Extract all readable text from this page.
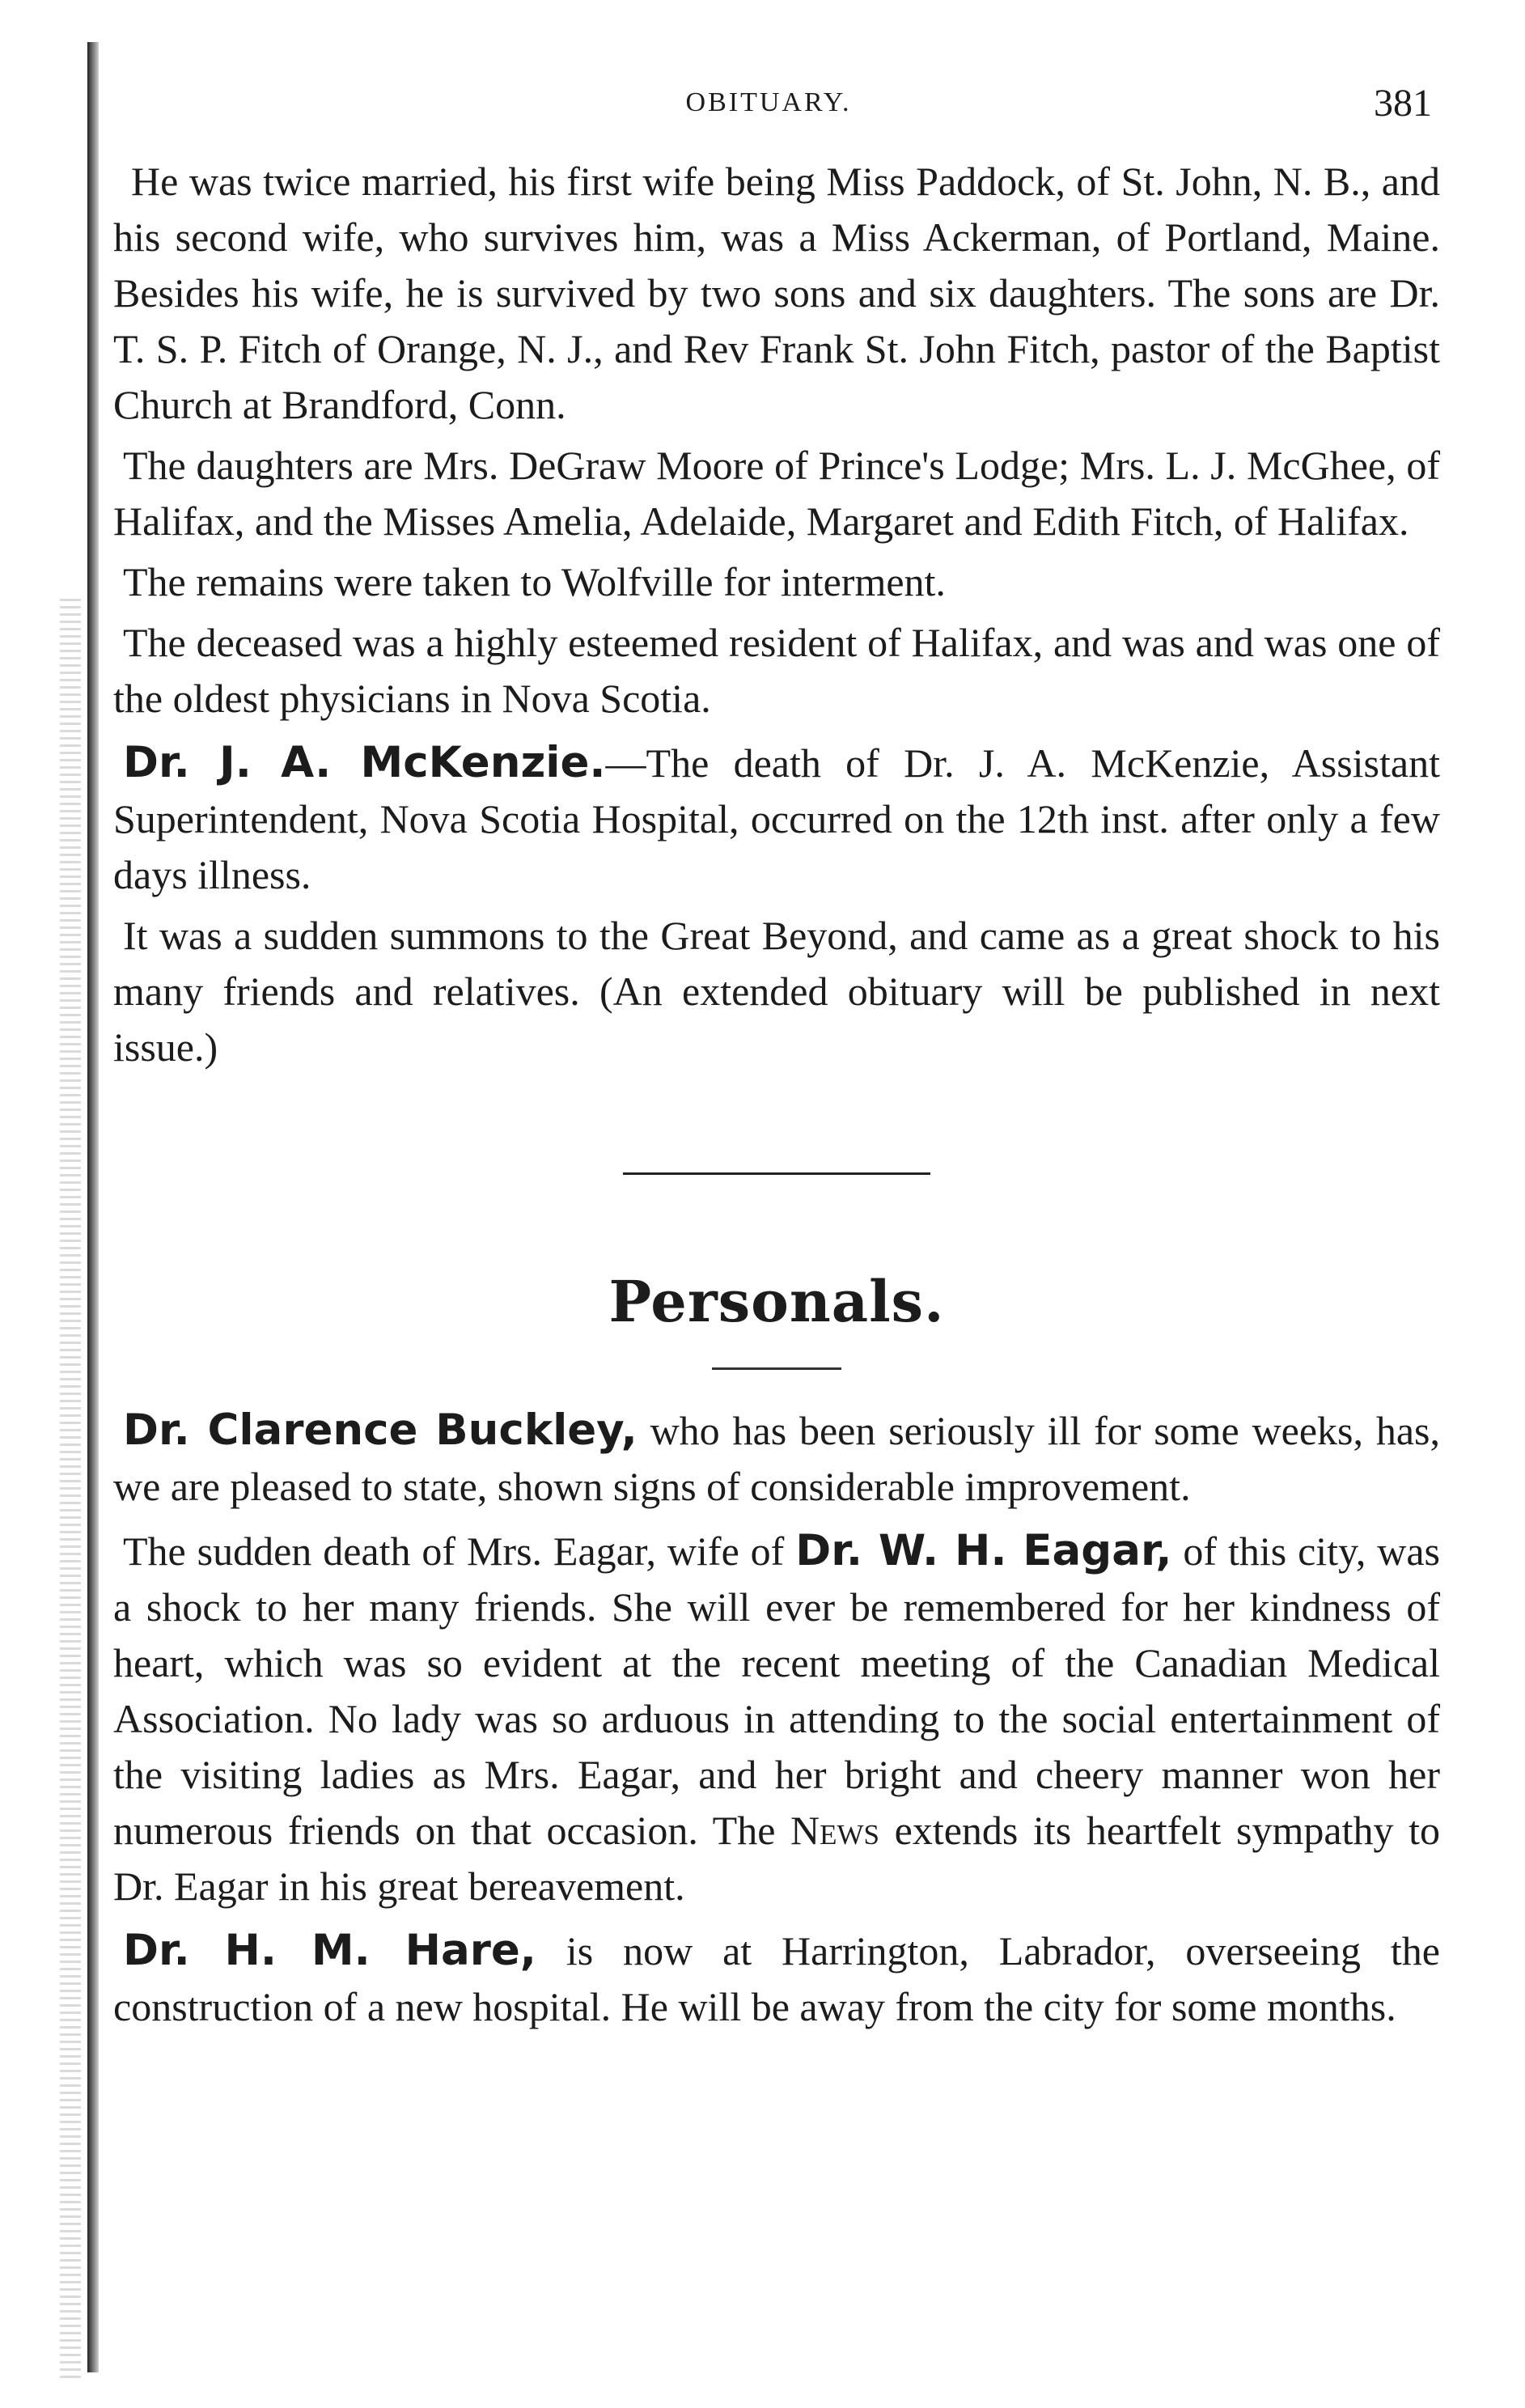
OBITUARY.	381

He was twice married, his first wife being Miss Paddock, of St. John, N. B., and his second wife, who survives him, was a Miss Ackerman, of Portland, Maine. Besides his wife, he is survived by two sons and six daughters. The sons are Dr. T. S. P. Fitch of Orange, N. J., and Rev Frank St. John Fitch, pastor of the Baptist Church at Brandford, Conn.

The daughters are Mrs. DeGraw Moore of Prince's Lodge; Mrs. L. J. McGhee, of Halifax, and the Misses Amelia, Adelaide, Margaret and Edith Fitch, of Halifax.

The remains were taken to Wolfville for interment.

The deceased was a highly esteemed resident of Halifax, and was and was one of the oldest physicians in Nova Scotia.

Dr. J. A. McKenzie.—The death of Dr. J. A. McKenzie, Assistant Superintendent, Nova Scotia Hospital, occurred on the 12th inst. after only a few days illness.

It was a sudden summons to the Great Beyond, and came as a great shock to his many friends and relatives. (An extended obituary will be published in next issue.)

Personals.

Dr. Clarence Buckley, who has been seriously ill for some weeks, has, we are pleased to state, shown signs of considerable improvement.

The sudden death of Mrs. Eagar, wife of Dr. W. H. Eagar, of this city, was a shock to her many friends. She will ever be remembered for her kindness of heart, which was so evident at the recent meeting of the Canadian Medical Association. No lady was so arduous in attending to the social entertainment of the visiting ladies as Mrs. Eagar, and her bright and cheery manner won her numerous friends on that occasion. The News extends its heartfelt sympathy to Dr. Eagar in his great bereavement.

Dr. H. M. Hare, is now at Harrington, Labrador, overseeing the construction of a new hospital. He will be away from the city for some months.
